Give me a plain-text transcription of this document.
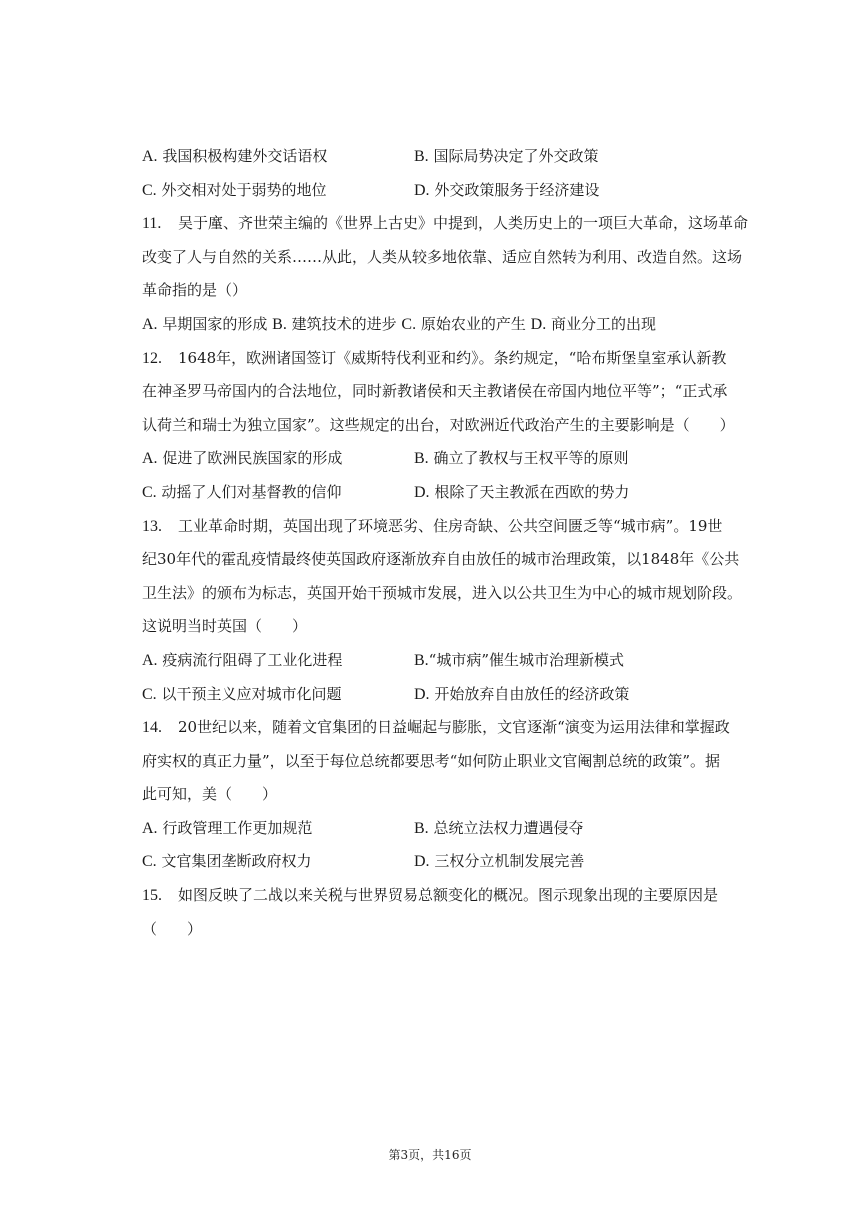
A. 我国积极构建外交话语权	B. 国际局势决定了外交政策
C. 外交相对处于弱势的地位	D. 外交政策服务于经济建设
11. 吴于廑、齐世荣主编的《世界上古史》中提到，人类历史上的一项巨大革命，这场革命
改变了人与自然的关系……从此，人类从较多地依靠、适应自然转为利用、改造自然。这场
革命指的是（）
A. 早期国家的形成 B. 建筑技术的进步 C. 原始农业的产生 D. 商业分工的出现
12. 1648年，欧洲诸国签订《威斯特伐利亚和约》。条约规定，“哈布斯堡皇室承认新教
在神圣罗马帝国内的合法地位，同时新教诸侯和天主教诸侯在帝国内地位平等”；“正式承
认荷兰和瑞士为独立国家”。这些规定的出台，对欧洲近代政治产生的主要影响是（　　）
A. 促进了欧洲民族国家的形成	B. 确立了教权与王权平等的原则
C. 动摇了人们对基督教的信仰	D. 根除了天主教派在西欧的势力
13. 工业革命时期，英国出现了环境恶劣、住房奇缺、公共空间匮乏等“城市病”。19世
纪30年代的霍乱疫情最终使英国政府逐渐放弃自由放任的城市治理政策，以1848年《公共
卫生法》的颁布为标志，英国开始干预城市发展，进入以公共卫生为中心的城市规划阶段。
这说明当时英国（　　）
A. 疫病流行阻碍了工业化进程	B.“城市病”催生城市治理新模式
C. 以干预主义应对城市化问题	D. 开始放弃自由放任的经济政策
14. 20世纪以来，随着文官集团的日益崛起与膨胀，文官逐渐“演变为运用法律和掌握政
府实权的真正力量”，以至于每位总统都要思考“如何防止职业文官阉割总统的政策”。据
此可知，美（　　）
A. 行政管理工作更加规范	B. 总统立法权力遭遇侵夺
C. 文官集团垄断政府权力	D. 三权分立机制发展完善
15. 如图反映了二战以来关税与世界贸易总额变化的概况。图示现象出现的主要原因是
（　　）
第3页，共16页
